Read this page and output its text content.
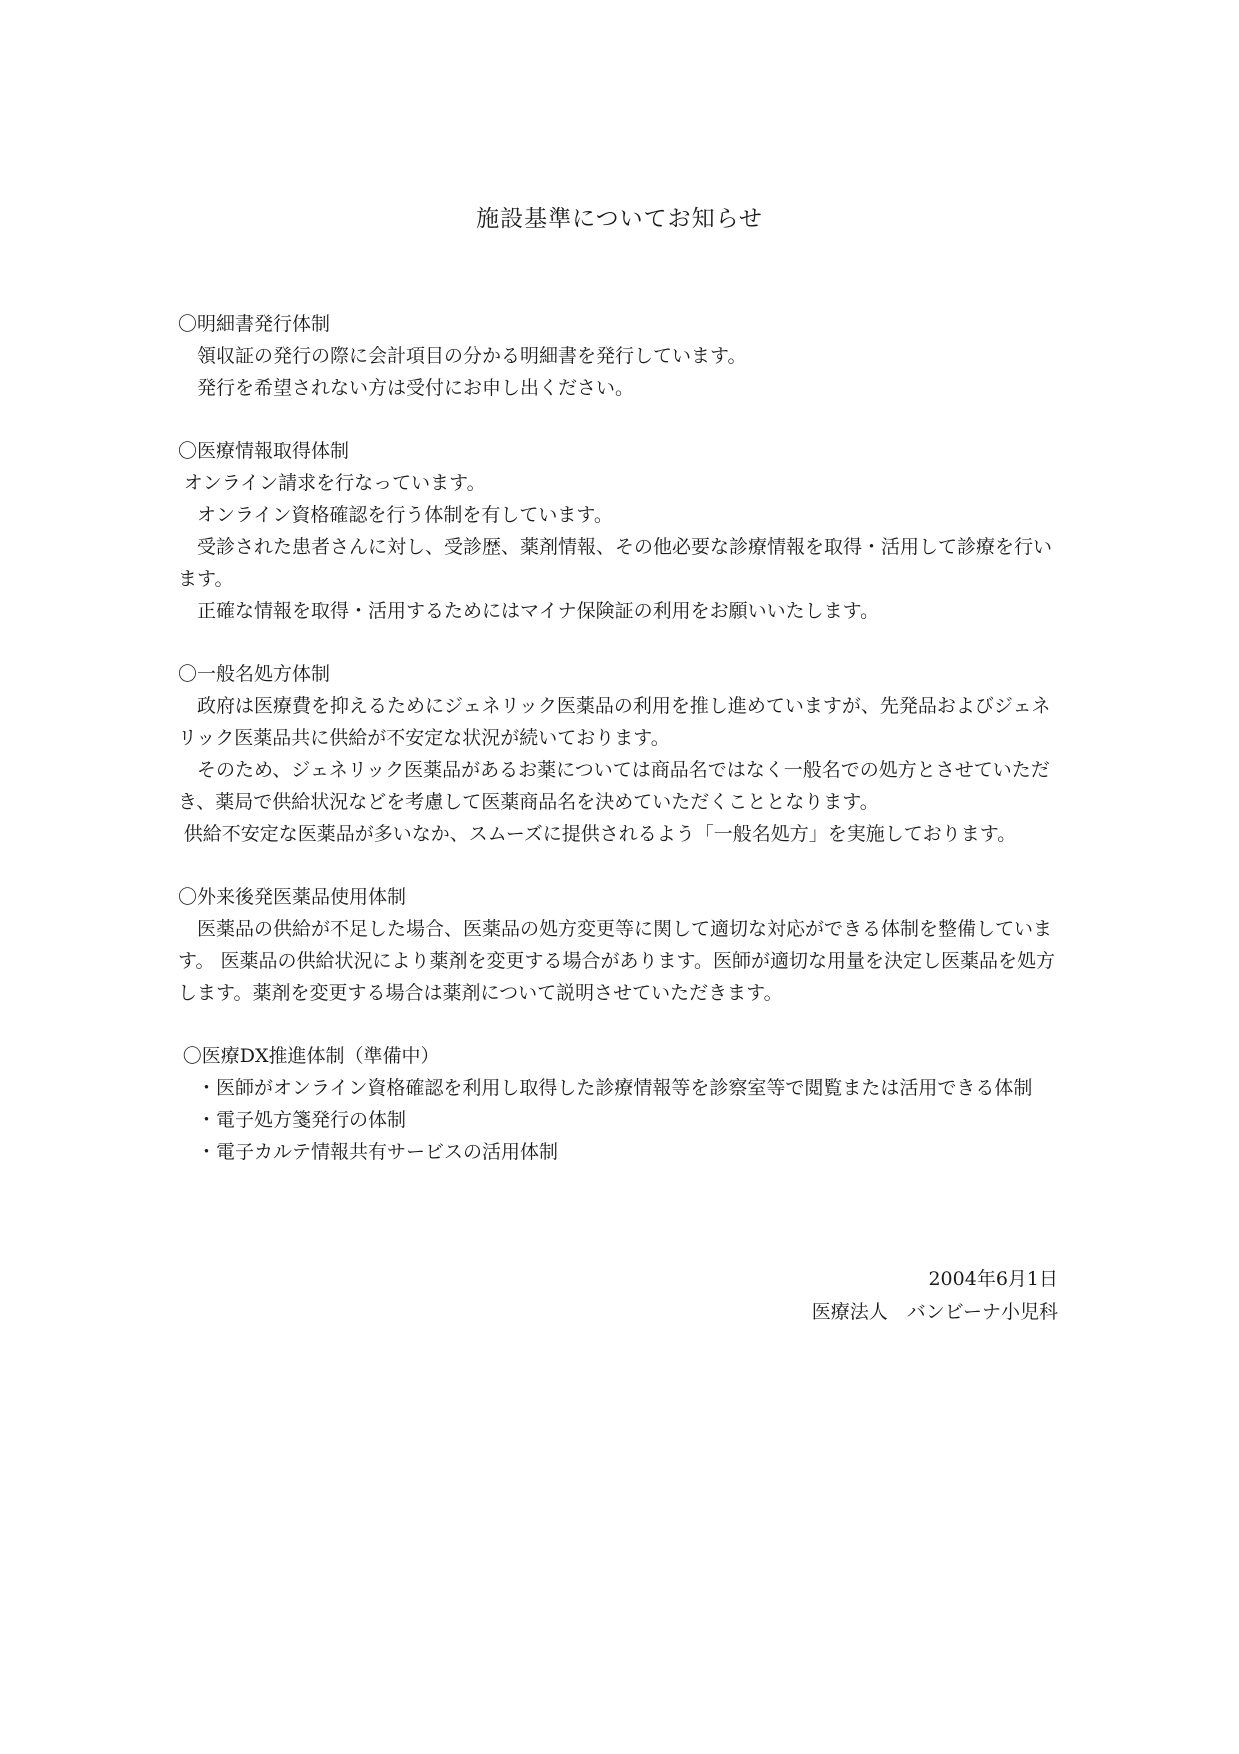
施設基準についてお知らせ

〇明細書発行体制

領収証の発行の際に会計項目の分かる明細書を発行しています。

発行を希望されない方は受付にお申し出ください。

〇医療情報取得体制

オンライン請求を行なっています。

オンライン資格確認を行う体制を有しています。

受診された患者さんに対し、受診歴、薬剤情報、その他必要な診療情報を取得・活用して診療を行います。

正確な情報を取得・活用するためにはマイナ保険証の利用をお願いいたします。

〇一般名処方体制

政府は医療費を抑えるためにジェネリック医薬品の利用を推し進めていますが、先発品およびジェネリック医薬品共に供給が不安定な状況が続いております。

そのため、ジェネリック医薬品があるお薬については商品名ではなく一般名での処方とさせていただき、薬局で供給状況などを考慮して医薬商品名を決めていただくこととなります。

供給不安定な医薬品が多いなか、スムーズに提供されるよう「一般名処方」を実施しております。

〇外来後発医薬品使用体制

医薬品の供給が不足した場合、医薬品の処方変更等に関して適切な対応ができる体制を整備しています。 医薬品の供給状況により薬剤を変更する場合があります。医師が適切な用量を決定し医薬品を処方します。薬剤を変更する場合は薬剤について説明させていただきます。

〇医療DX推進体制（準備中）

・医師がオンライン資格確認を利用し取得した診療情報等を診察室等で閲覧または活用できる体制

・電子処方箋発行の体制

・電子カルテ情報共有サービスの活用体制

2004年6月1日
医療法人　バンビーナ小児科
